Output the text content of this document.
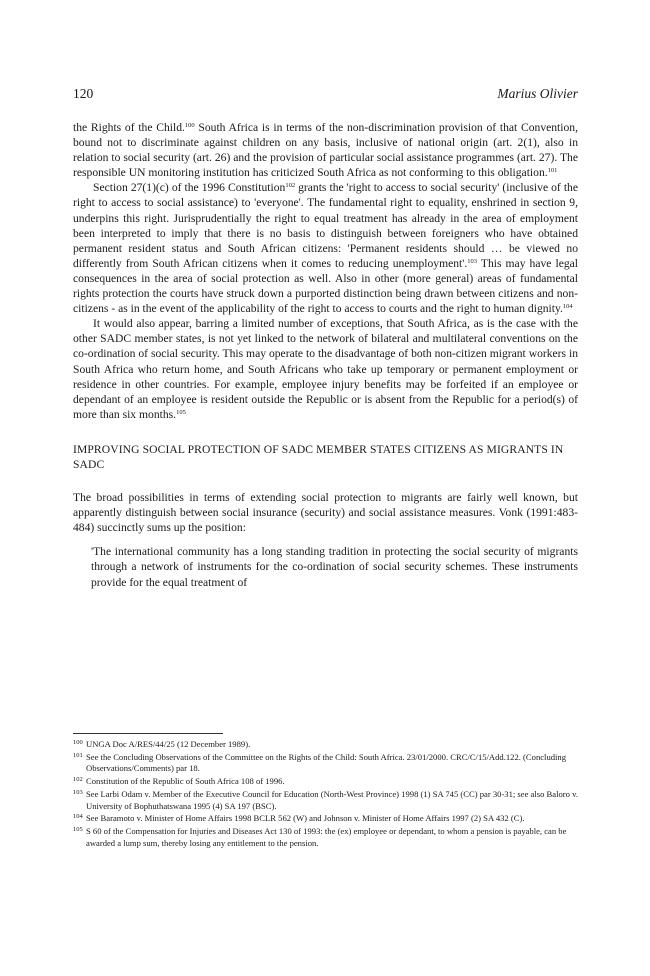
120	Marius Olivier

the Rights of the Child.$^{100}$ South Africa is in terms of the non-discrimination provision of that Convention, bound not to discriminate against children on any basis, inclusive of national origin (art. 2(1), also in relation to social security (art. 26) and the provision of particular social assistance programmes (art. 27). The responsible UN monitoring institution has criticized South Africa as not conforming to this obligation.$^{101}$

Section 27(1)(c) of the 1996 Constitution$^{102}$ grants the 'right to access to social security' (inclusive of the right to access to social assistance) to 'everyone'. The fundamental right to equality, enshrined in section 9, underpins this right. Jurisprudentially the right to equal treatment has already in the area of employment been interpreted to imply that there is no basis to distinguish between foreigners who have obtained permanent resident status and South African citizens: 'Permanent residents should … be viewed no differently from South African citizens when it comes to reducing unemployment'.$^{103}$ This may have legal consequences in the area of social protection as well. Also in other (more general) areas of fundamental rights protection the courts have struck down a purported distinction being drawn between citizens and non-citizens - as in the event of the applicability of the right to access to courts and the right to human dignity.$^{104}$

It would also appear, barring a limited number of exceptions, that South Africa, as is the case with the other SADC member states, is not yet linked to the network of bilateral and multilateral conventions on the co-ordination of social security. This may operate to the disadvantage of both non-citizen migrant workers in South Africa who return home, and South Africans who take up temporary or permanent employment or residence in other countries. For example, employee injury benefits may be forfeited if an employee or dependant of an employee is resident outside the Republic or is absent from the Republic for a period(s) of more than six months.$^{105}$

IMPROVING SOCIAL PROTECTION OF SADC MEMBER STATES CITIZENS AS MIGRANTS IN SADC

The broad possibilities in terms of extending social protection to migrants are fairly well known, but apparently distinguish between social insurance (security) and social assistance measures. Vonk (1991:483-484) succinctly sums up the position:

'The international community has a long standing tradition in protecting the social security of migrants through a network of instruments for the co-ordination of social security schemes. These instruments provide for the equal treatment of

100 UNGA Doc A/RES/44/25 (12 December 1989).
101 See the Concluding Observations of the Committee on the Rights of the Child: South Africa. 23/01/2000. CRC/C/15/Add.122. (Concluding Observations/Comments) par 18.
102 Constitution of the Republic of South Africa 108 of 1996.
103 See Larbi Odam v. Member of the Executive Council for Education (North-West Province) 1998 (1) SA 745 (CC) par 30-31; see also Baloro v. University of Bophuthatswana 1995 (4) SA 197 (BSC).
104 See Baramoto v. Minister of Home Affairs 1998 BCLR 562 (W) and Johnson v. Minister of Home Affairs 1997 (2) SA 432 (C).
105 S 60 of the Compensation for Injuries and Diseases Act 130 of 1993: the (ex) employee or dependant, to whom a pension is payable, can be awarded a lump sum, thereby losing any entitlement to the pension.
